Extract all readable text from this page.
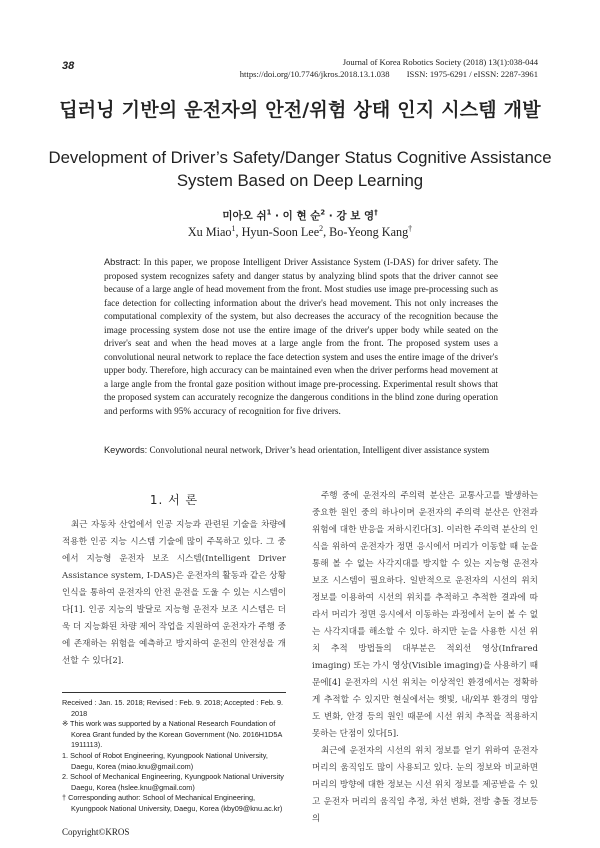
38	Journal of Korea Robotics Society (2018) 13(1):038-044
https://doi.org/10.7746/jkros.2018.13.1.038        ISSN: 1975-6291 / eISSN: 2287-3961
딥러닝 기반의 운전자의 안전/위험 상태 인지 시스템 개발
Development of Driver’s Safety/Danger Status Cognitive Assistance System Based on Deep Learning
미아오 쉬$^1$ · 이 현 순$^2$ · 강 보 영†
Xu Miao$^1$, Hyun-Soon Lee$^2$, Bo-Yeong Kang†
Abstract: In this paper, we propose Intelligent Driver Assistance System (I-DAS) for driver safety. The proposed system recognizes safety and danger status by analyzing blind spots that the driver cannot see because of a large angle of head movement from the front. Most studies use image pre-processing such as face detection for collecting information about the driver's head movement. This not only increases the computational complexity of the system, but also decreases the accuracy of the recognition because the image processing system dose not use the entire image of the driver's upper body while seated on the driver's seat and when the head moves at a large angle from the front. The proposed system uses a convolutional neural network to replace the face detection system and uses the entire image of the driver's upper body. Therefore, high accuracy can be maintained even when the driver performs head movement at a large angle from the frontal gaze position without image pre-processing. Experimental result shows that the proposed system can accurately recognize the dangerous conditions in the blind zone during operation and performs with 95% accuracy of recognition for five drivers.
Keywords: Convolutional neural network, Driver’s head orientation, Intelligent diver assistance system
1. 서 론

최근 자동차 산업에서 인공 지능과 관련된 기술을 차량에 적용한 인공 지능 시스템 기술에 많이 주목하고 있다. 그 중에서 지능형 운전자 보조 시스템(Intelligent Driver Assistance system, I-DAS)은 운전자의 활동과 같은 상황 인식을 통하여 운전자의 안전 운전을 도울 수 있는 시스템이다[1]. 인공 지능의 발달로 지능형 운전자 보조 시스템은 더욱 더 지능화된 차량 제어 작업을 지원하여 운전자가 주행 중에 존재하는 위험을 예측하고 방지하여 운전의 안전성을 개선할 수 있다[2].

주행 중에 운전자의 주의력 분산은 교통사고를 발생하는 중요한 원인 중의 하나이며 운전자의 주의력 분산은 안전과 위험에 대한 반응을 저하시킨다[3]. 이러한 주의력 분산의 인식을 위하여 운전자가 정면 응시에서 머리가 이동할 때 눈을 통해 볼 수 없는 사각지대를 방지할 수 있는 지능형 운전자 보조 시스템이 필요하다. 일반적으로 운전자의 시선의 위치 정보를 이용하여 시선의 위치를 추적하고 추적한 결과에 따라서 머리가 정면 응시에서 이동하는 과정에서 눈이 볼 수 없는 사각지대를 해소할 수 있다. 하지만 눈을 사용한 시선 위치 추적 방법들의 대부분은 적외선 영상(Infrared imaging) 또는 가시 영상(Visible imaging)을 사용하기 때문에[4] 운전자의 시선 위치는 이상적인 환경에서는 정확하게 추적할 수 있지만 현실에서는 햇빛, 내/외부 환경의 명암도 변화, 안경 등의 원인 때문에 시선 위치 추적을 적용하지 못하는 단점이 있다[5].

최근에 운전자의 시선의 위치 정보를 얻기 위하여 운전자 머리의 움직임도 많이 사용되고 있다. 눈의 정보와 비교하면 머리의 방향에 대한 정보는 시선 위치 정보를 제공받을 수 있고 운전자 머리의 움직임 추정, 차선 변화, 전방 충돌 경보등의

Received : Jan. 15. 2018; Revised : Feb. 9. 2018; Accepted : Feb. 9. 2018
※ This work was supported by a National Research Foundation of Korea Grant funded by the Korean Government (No. 2016H1D5A 1911113).
1. School of Robot Engineering, Kyungpook National University, Daegu, Korea (miao.knu@gmail.com)
2. School of Mechanical Engineering, Kyungpook National University Daegu, Korea (hslee.knu@gmail.com)
† Corresponding author: School of Mechanical Engineering, Kyungpook National University, Daegu, Korea (kby09@knu.ac.kr)
Copyright©KROS
